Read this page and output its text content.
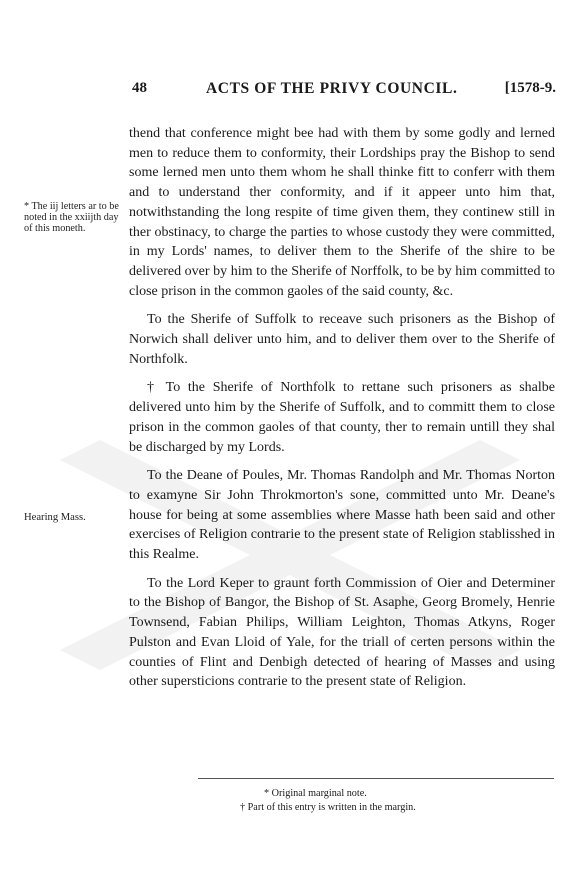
48	ACTS OF THE PRIVY COUNCIL.	[1578-9.
* The iij letters ar to be noted in the xxiijth day of this moneth.
Hearing Mass.

thend that conference might bee had with them by some godly and lerned men to reduce them to conformity, their Lordships pray the Bishop to send some lerned men unto them whom he shall thinke fitt to conferr with them and to understand ther conformity, and if it appeer unto him that, notwithstanding the long respite of time given them, they continew still in ther obstinacy, to charge the parties to whose custody they were committed, in my Lords' names, to deliver them to the Sherife of the shire to be delivered over by him to the Sherife of Norffolk, to be by him committed to close prison in the common gaoles of the said county, &c.

To the Sherife of Suffolk to receave such prisoners as the Bishop of Norwich shall deliver unto him, and to deliver them over to the Sherife of Northfolk.

† To the Sherife of Northfolk to rettane such prisoners as shalbe delivered unto him by the Sherife of Suffolk, and to committ them to close prison in the common gaoles of that county, ther to remain untill they shal be discharged by my Lords.

To the Deane of Poules, Mr. Thomas Randolph and Mr. Thomas Norton to examyne Sir John Throkmorton's sone, committed unto Mr. Deane's house for being at some assemblies where Masse hath been said and other exercises of Religion contrarie to the present state of Religion stablisshed in this Realme.

To the Lord Keper to graunt forth Commission of Oier and Determiner to the Bishop of Bangor, the Bishop of St. Asaphe, Georg Bromely, Henrie Townsend, Fabian Philips, William Leighton, Thomas Atkyns, Roger Pulston and Evan Lloid of Yale, for the triall of certen persons within the counties of Flint and Denbigh detected of hearing of Masses and using other supersticions contrarie to the present state of Religion.

* Original marginal note.
† Part of this entry is written in the margin.
